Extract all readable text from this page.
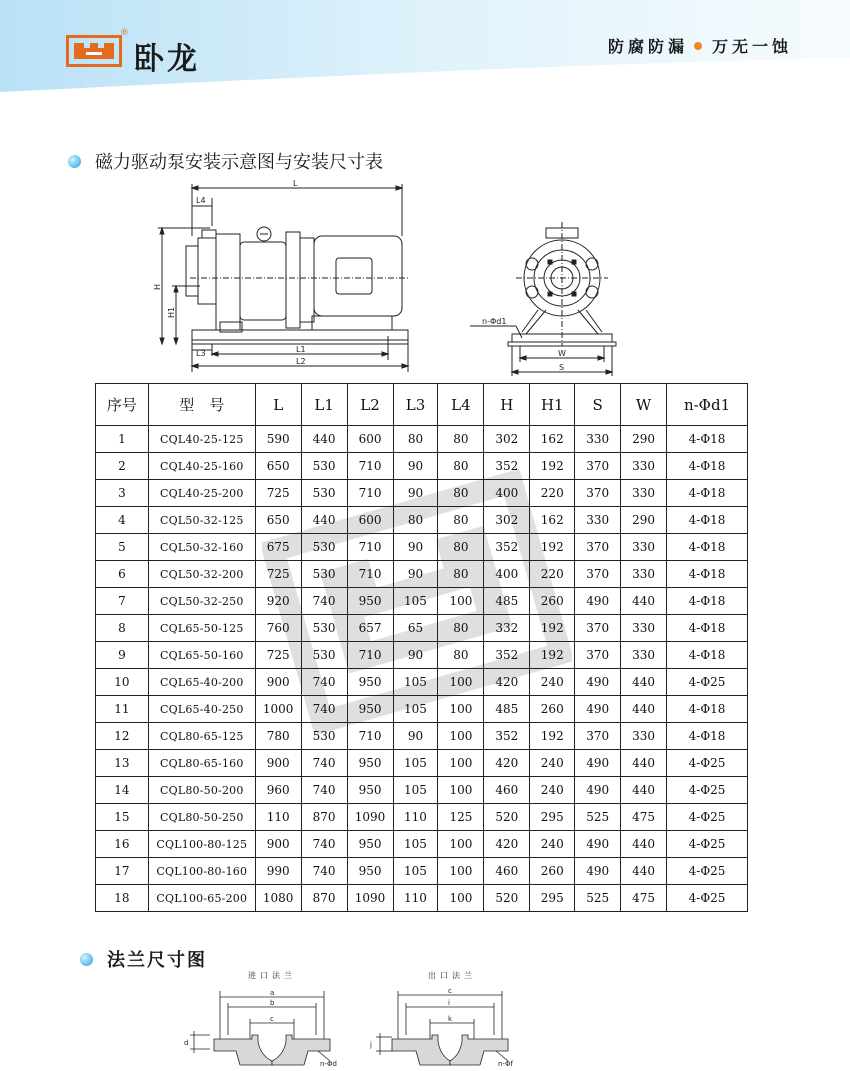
®
卧龙	防腐防漏 万无一蚀
磁力驱动泵安装示意图与安装尺寸表
L
L4
H
H1
L3	L1
L2
n-Φd1
W
S
序号	型　号	L	L1	L2	L3	L4	H	H1	S	W	n-Φd1
1	CQL40-25-125	590	440	600	80	80	302	162	330	290	4-Φ18
2	CQL40-25-160	650	530	710	90	80	352	192	370	330	4-Φ18
3	CQL40-25-200	725	530	710	90	80	400	220	370	330	4-Φ18
4	CQL50-32-125	650	440	600	80	80	302	162	330	290	4-Φ18
5	CQL50-32-160	675	530	710	90	80	352	192	370	330	4-Φ18
6	CQL50-32-200	725	530	710	90	80	400	220	370	330	4-Φ18
7	CQL50-32-250	920	740	950	105	100	485	260	490	440	4-Φ18
8	CQL65-50-125	760	530	657	65	80	332	192	370	330	4-Φ18
9	CQL65-50-160	725	530	710	90	80	352	192	370	330	4-Φ18
10	CQL65-40-200	900	740	950	105	100	420	240	490	440	4-Φ25
11	CQL65-40-250	1000	740	950	105	100	485	260	490	440	4-Φ18
12	CQL80-65-125	780	530	710	90	100	352	192	370	330	4-Φ18
13	CQL80-65-160	900	740	950	105	100	420	240	490	440	4-Φ25
14	CQL80-50-200	960	740	950	105	100	460	240	490	440	4-Φ25
15	CQL80-50-250	110	870	1090	110	125	520	295	525	475	4-Φ25
16	CQL100-80-125	900	740	950	105	100	420	240	490	440	4-Φ25
17	CQL100-80-160	990	740	950	105	100	460	260	490	440	4-Φ25
18	CQL100-65-200	1080	870	1090	110	100	520	295	525	475	4-Φ25
法兰尺寸图
进口法兰	出口法兰
a
b
c
d
n-Φd
c
i
k
j
n-Φf
